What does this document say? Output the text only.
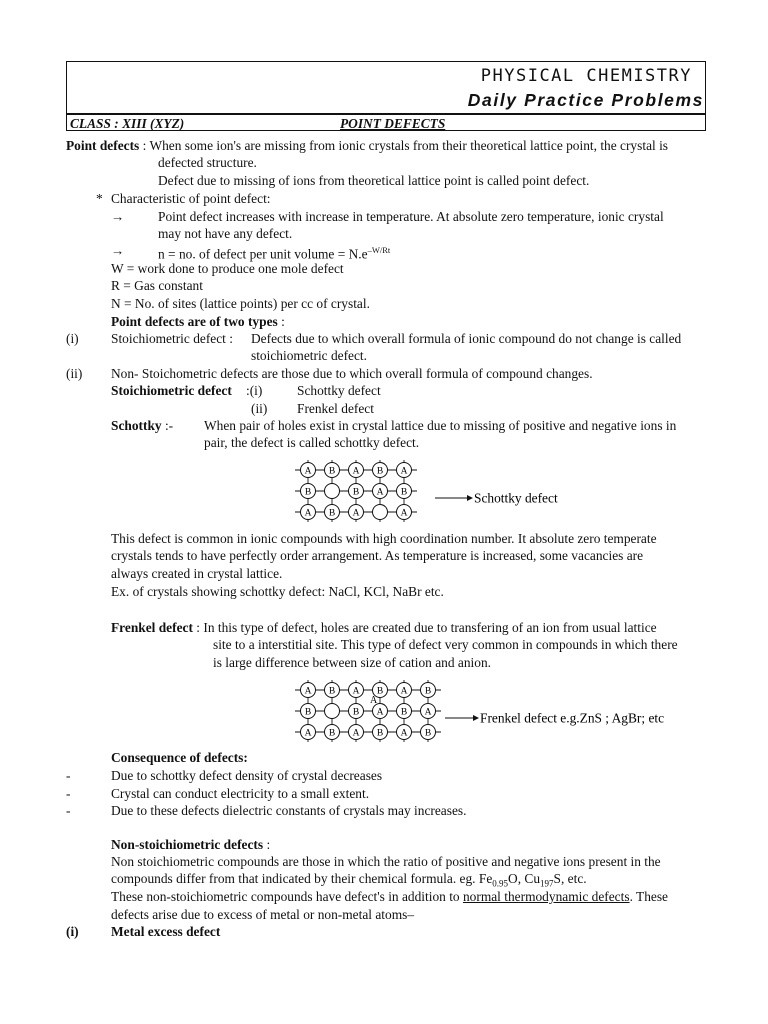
PHYSICAL CHEMISTRY
Daily Practice Problems
CLASS : XIII (XYZ)	POINT DEFECTS
Point defects : When some ion's are missing from ionic crystals from their theoretical lattice point, the crystal is
defected structure.
Defect due to missing of ions from theoretical lattice point is called point defect.
* Characteristic of point defect:
→	Point defect increases with increase in temperature. At absolute zero temperature, ionic crystal
may not have any defect.
→	n = no. of defect per unit volume = $N.e^{-W/Rt}$
W = work done to produce one mole defect
R = Gas constant
N = No. of sites (lattice points) per cc of crystal.
Point defects are of two types :
(i) Stoichiometric defect : Defects due to which overall formula of ionic compound do not change is called
stoichiometric defect.
(ii) Non- Stoichometric defects are those due to which overall formula of compound changes.
Stoichiometric defect :(i)	Schottky defect
(ii) Frenkel defect
Schottky :- When pair of holes exist in crystal lattice due to missing of positive and negative ions in
pair, the defect is called schottky defect.
A B A B A
B	B A B
A B A	A
Schottky defect
This defect is common in ionic compounds with high coordination number. It absolute zero temperate
crystals tends to have perfectly order arrangement. As temperature is increased, some vacancies are
always created in crystal lattice.
Ex. of crystals showing schottky defect: NaCl, KCl, NaBr etc.
Frenkel defect : In this type of defect, holes are created due to transfering of an ion from usual lattice
site to a interstitial site. This type of defect very common in compounds in which there
is large difference between size of cation and anion.
A B A B A B
B	B A B A
A B A B A B
A
Frenkel defect e.g.ZnS ; AgBr; etc
Consequence of defects:
-	Due to schottky defect density of crystal decreases
-	Crystal can conduct electricity to a small extent.
-	Due to these defects dielectric constants of crystals may increases.
Non-stoichiometric defects :
Non stoichiometric compounds are those in which the ratio of positive and negative ions present in the
compounds differ from that indicated by their chemical formula. eg. $Fe_{0.95}O$, $Cu_{197}S$, etc.
These non-stoichiometric compounds have defect's in addition to normal thermodynamic defects. These
defects arise due to excess of metal or non-metal atoms–
(i) Metal excess defect
